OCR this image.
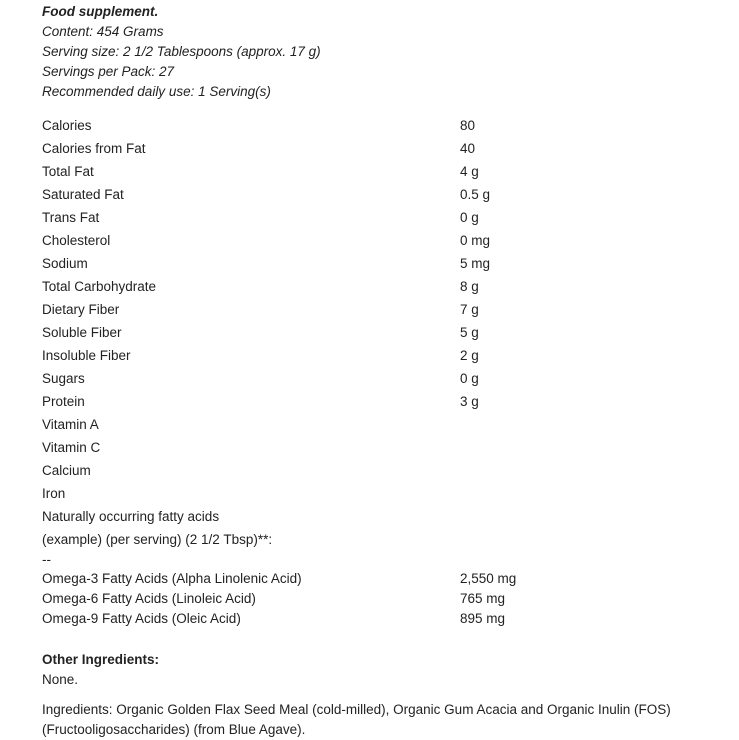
Food supplement.
Content: 454 Grams
Serving size: 2 1/2 Tablespoons (approx. 17 g)
Servings per Pack: 27
Recommended daily use: 1 Serving(s)
Calories	80
Calories from Fat	40
Total Fat	4 g
Saturated Fat	0.5 g
Trans Fat	0 g
Cholesterol	0 mg
Sodium	5 mg
Total Carbohydrate	8 g
Dietary Fiber	7 g
Soluble Fiber	5 g
Insoluble Fiber	2 g
Sugars	0 g
Protein	3 g
Vitamin A
Vitamin C
Calcium
Iron
Naturally occurring fatty acids
(example) (per serving) (2 1/2 Tbsp)**:
--
Omega-3 Fatty Acids (Alpha Linolenic Acid)	2,550 mg
Omega-6 Fatty Acids (Linoleic Acid)	765 mg
Omega-9 Fatty Acids (Oleic Acid)	895 mg
Other Ingredients:
None.
Ingredients: Organic Golden Flax Seed Meal (cold-milled), Organic Gum Acacia and Organic Inulin (FOS) (Fructooligosaccharides) (from Blue Agave).
